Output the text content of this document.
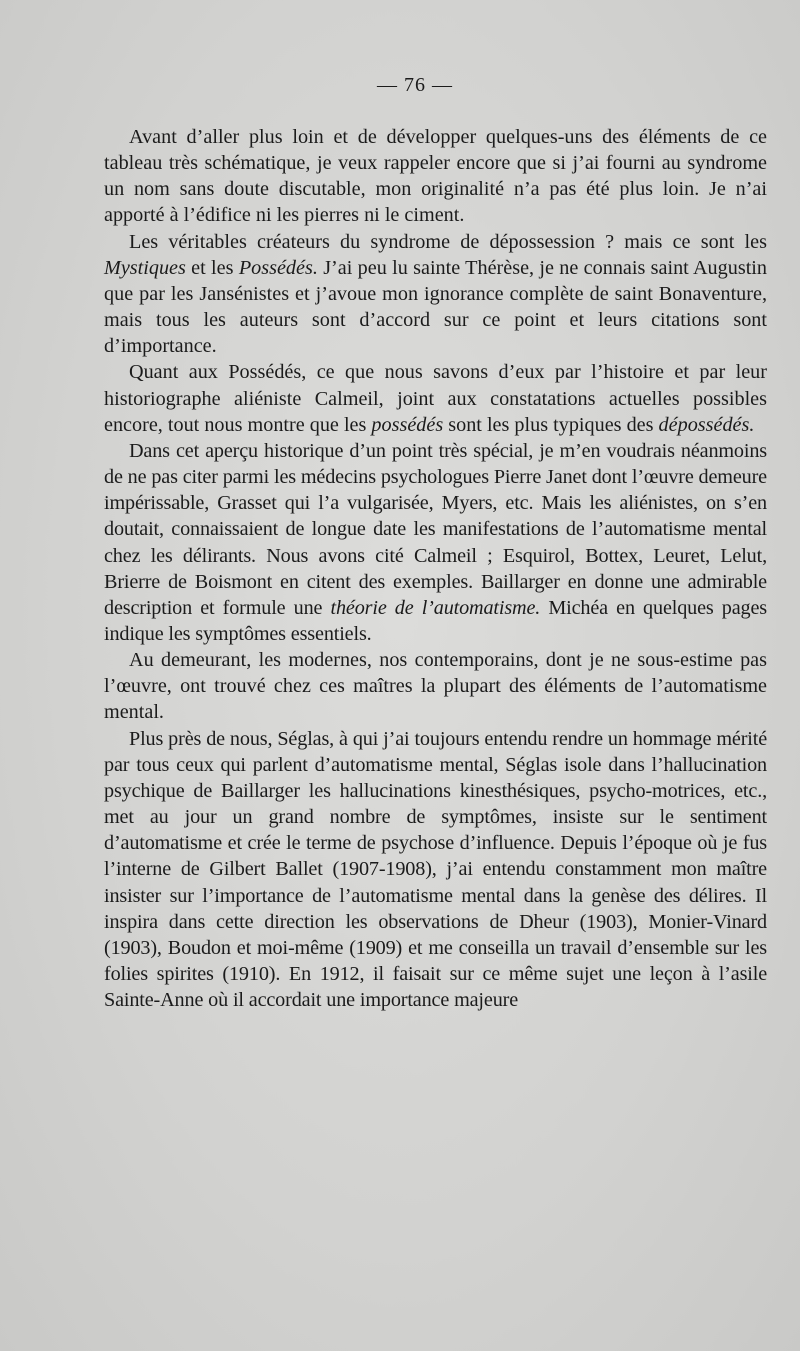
— 76 —

Avant d’aller plus loin et de développer quelques-uns des éléments de ce tableau très schématique, je veux rappeler encore que si j’ai fourni au syndrome un nom sans doute discutable, mon originalité n’a pas été plus loin. Je n’ai apporté à l’édifice ni les pierres ni le ciment.

Les véritables créateurs du syndrome de dépossession ? mais ce sont les Mystiques et les Possédés. J’ai peu lu sainte Thérèse, je ne connais saint Augustin que par les Jansénistes et j’avoue mon ignorance complète de saint Bonaventure, mais tous les auteurs sont d’accord sur ce point et leurs citations sont d’importance.

Quant aux Possédés, ce que nous savons d’eux par l’histoire et par leur historiographe aliéniste Calmeil, joint aux constatations actuelles possibles encore, tout nous montre que les possédés sont les plus typiques des dépossédés.

Dans cet aperçu historique d’un point très spécial, je m’en voudrais néanmoins de ne pas citer parmi les médecins psychologues Pierre Janet dont l’œuvre demeure impérissable, Grasset qui l’a vulgarisée, Myers, etc. Mais les aliénistes, on s’en doutait, connaissaient de longue date les manifestations de l’automatisme mental chez les délirants. Nous avons cité Calmeil ; Esquirol, Bottex, Leuret, Lelut, Brierre de Boismont en citent des exemples. Baillarger en donne une admirable description et formule une théorie de l’automatisme. Michéa en quelques pages indique les symptômes essentiels.

Au demeurant, les modernes, nos contemporains, dont je ne sous-estime pas l’œuvre, ont trouvé chez ces maîtres la plupart des éléments de l’automatisme mental.

Plus près de nous, Séglas, à qui j’ai toujours entendu rendre un hommage mérité par tous ceux qui parlent d’automatisme mental, Séglas isole dans l’hallucination psychique de Baillarger les hallucinations kinesthésiques, psycho-motrices, etc., met au jour un grand nombre de symptômes, insiste sur le sentiment d’automatisme et crée le terme de psychose d’influence. Depuis l’époque où je fus l’interne de Gilbert Ballet (1907-1908), j’ai entendu constamment mon maître insister sur l’importance de l’automatisme mental dans la genèse des délires. Il inspira dans cette direction les observations de Dheur (1903), Monier-Vinard (1903), Boudon et moi-même (1909) et me conseilla un travail d’ensemble sur les folies spirites (1910). En 1912, il faisait sur ce même sujet une leçon à l’asile Sainte-Anne où il accordait une importance majeure
